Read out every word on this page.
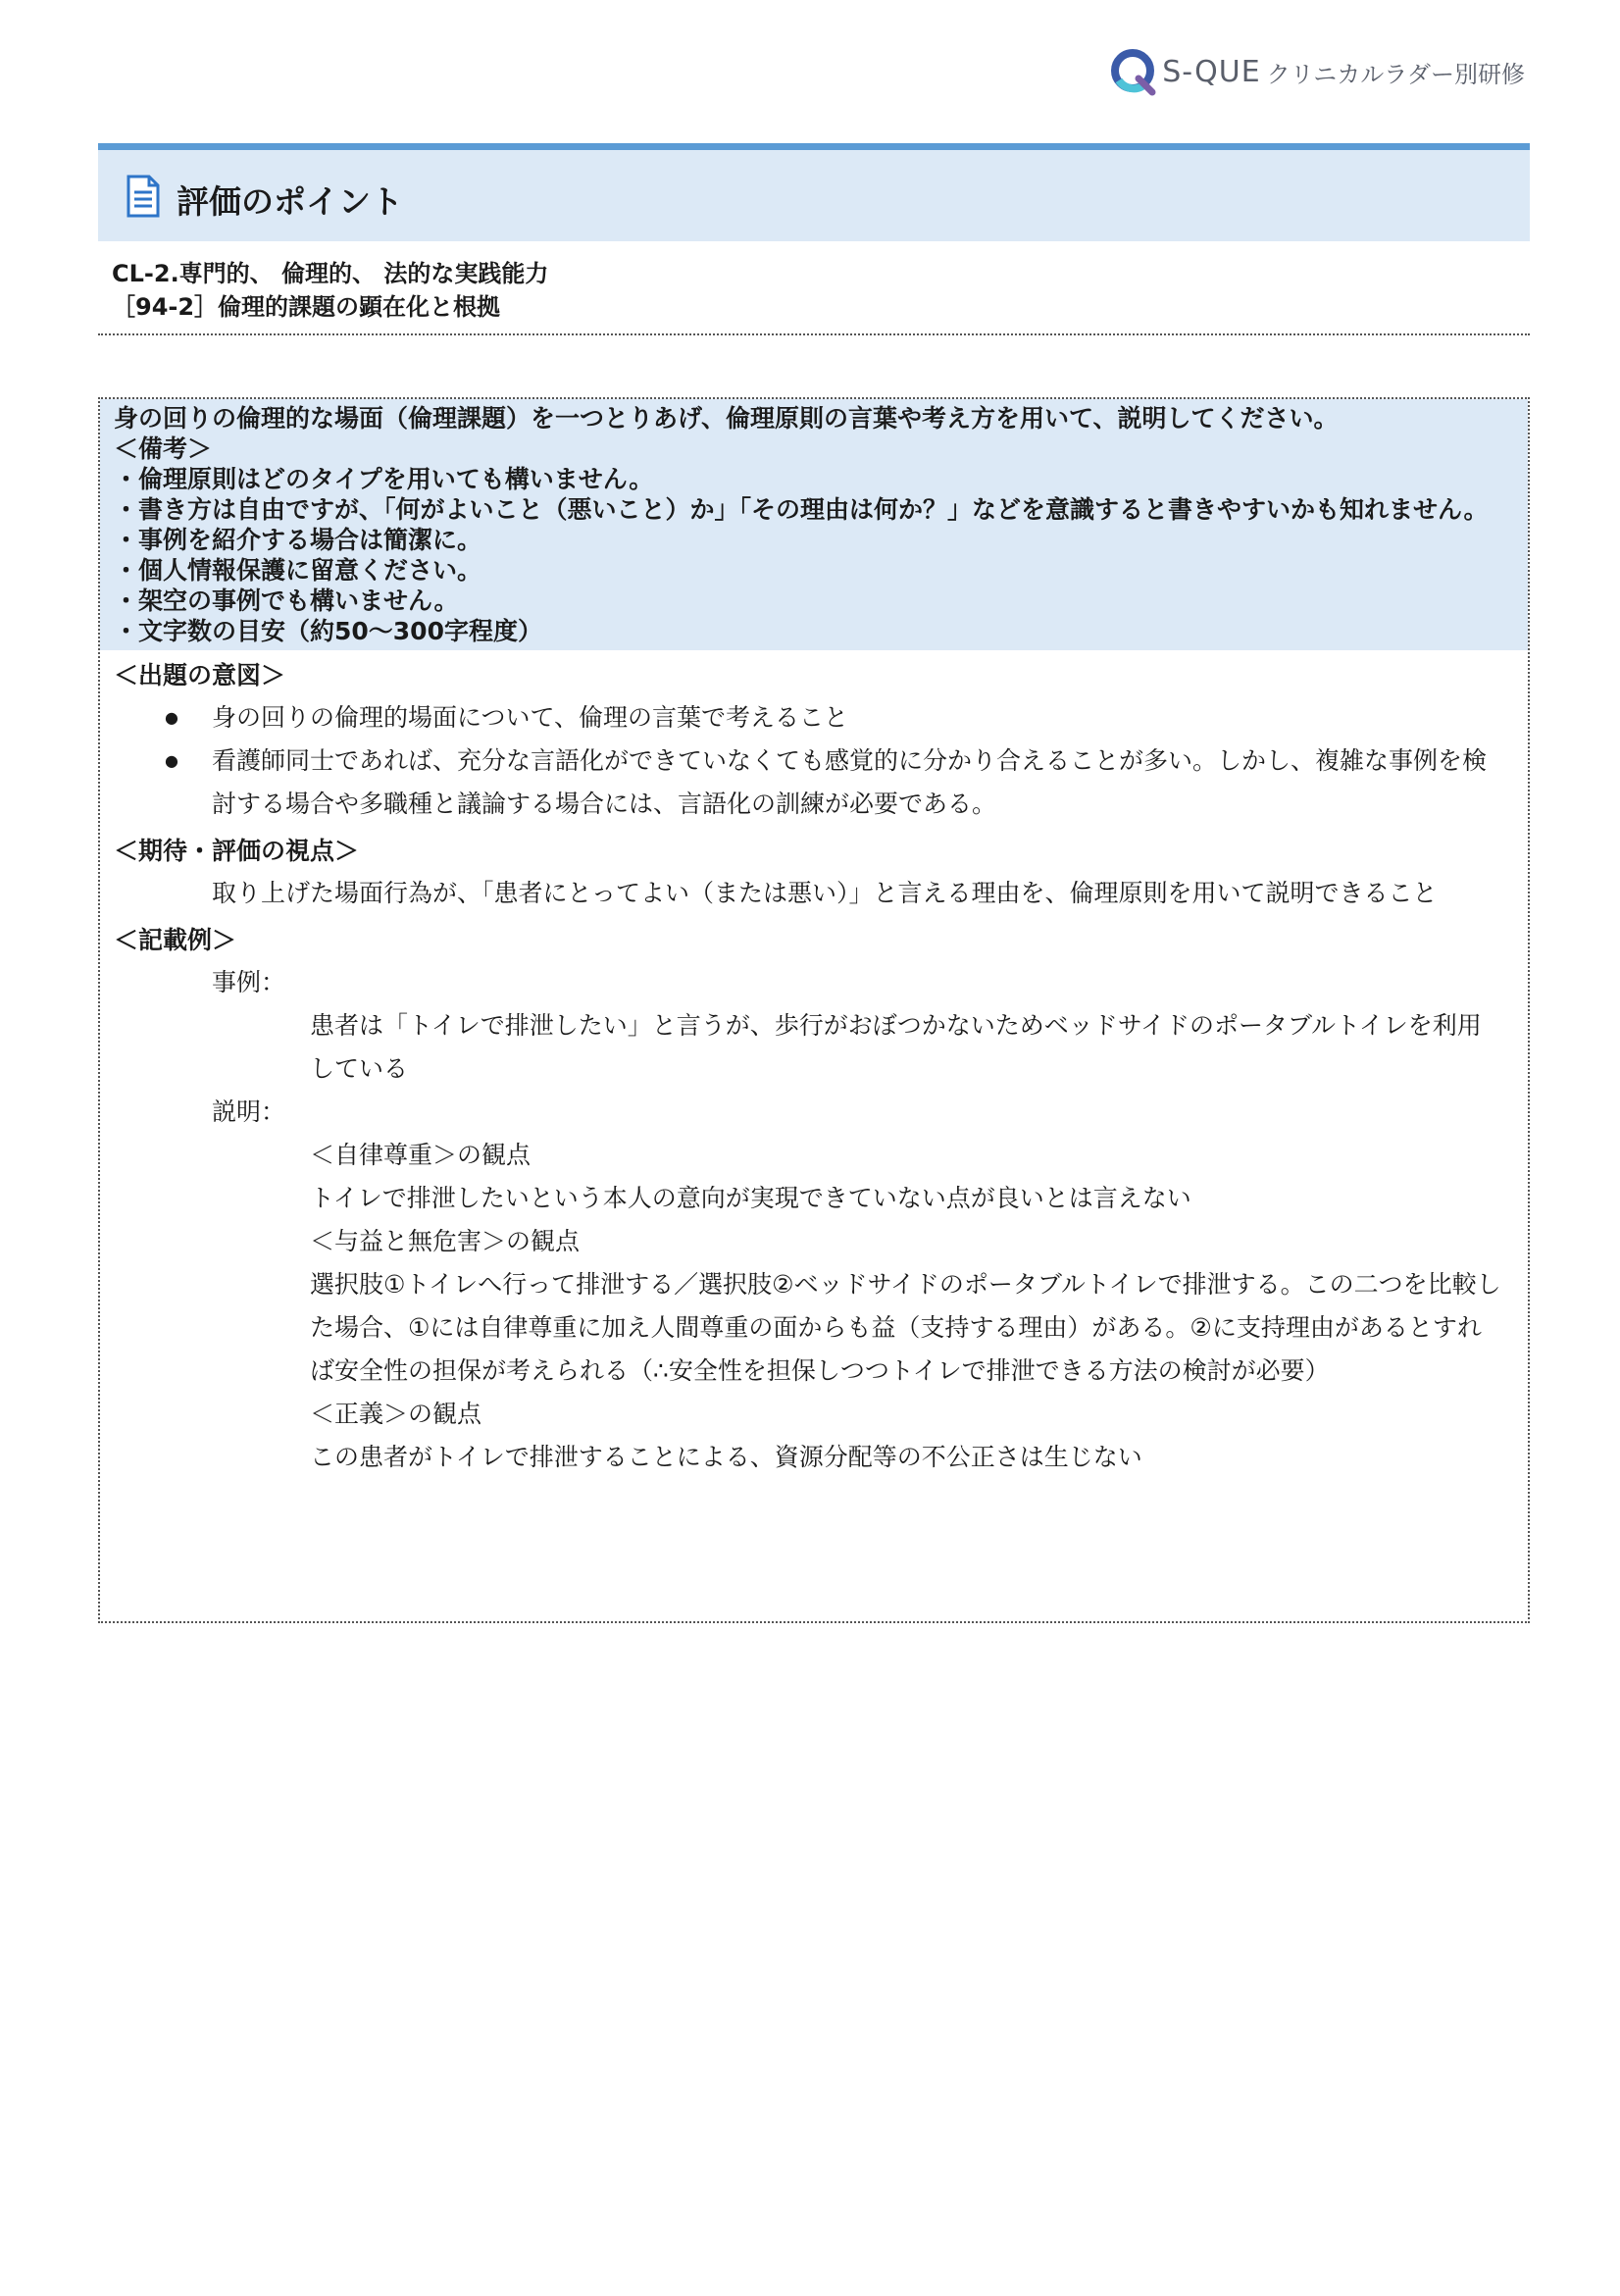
S-QUE クリニカルラダー別研修
評価のポイント
CL-2.専門的、 倫理的、 法的な実践能力
［94-2］倫理的課題の顕在化と根拠
身の回りの倫理的な場面（倫理課題）を一つとりあげ、倫理原則の言葉や考え方を用いて、説明してください。
＜備考＞
・倫理原則はどのタイプを用いても構いません。
・書き方は自由ですが、「何がよいこと（悪いこと）か」「その理由は何か？」などを意識すると書きやすいかも知れません。
・事例を紹介する場合は簡潔に。
・個人情報保護に留意ください。
・架空の事例でも構いません。
・文字数の目安（約50～300字程度）
＜出題の意図＞
● 身の回りの倫理的場面について、倫理の言葉で考えること
● 看護師同士であれば、充分な言語化ができていなくても感覚的に分かり合えることが多い。しかし、複雑な事例を検討する場合や多職種と議論する場合には、言語化の訓練が必要である。
＜期待・評価の視点＞
取り上げた場面行為が、「患者にとってよい（または悪い）」と言える理由を、倫理原則を用いて説明できること
＜記載例＞
事例：
患者は「トイレで排泄したい」と言うが、歩行がおぼつかないためベッドサイドのポータブルトイレを利用している
説明：
＜自律尊重＞の観点
トイレで排泄したいという本人の意向が実現できていない点が良いとは言えない
＜与益と無危害＞の観点
選択肢①トイレへ行って排泄する／選択肢②ベッドサイドのポータブルトイレで排泄する。この二つを比較した場合、①には自律尊重に加え人間尊重の面からも益（支持する理由）がある。②に支持理由があるとすれば安全性の担保が考えられる（∴安全性を担保しつつトイレで排泄できる方法の検討が必要）
＜正義＞の観点
この患者がトイレで排泄することによる、資源分配等の不公正さは生じない
